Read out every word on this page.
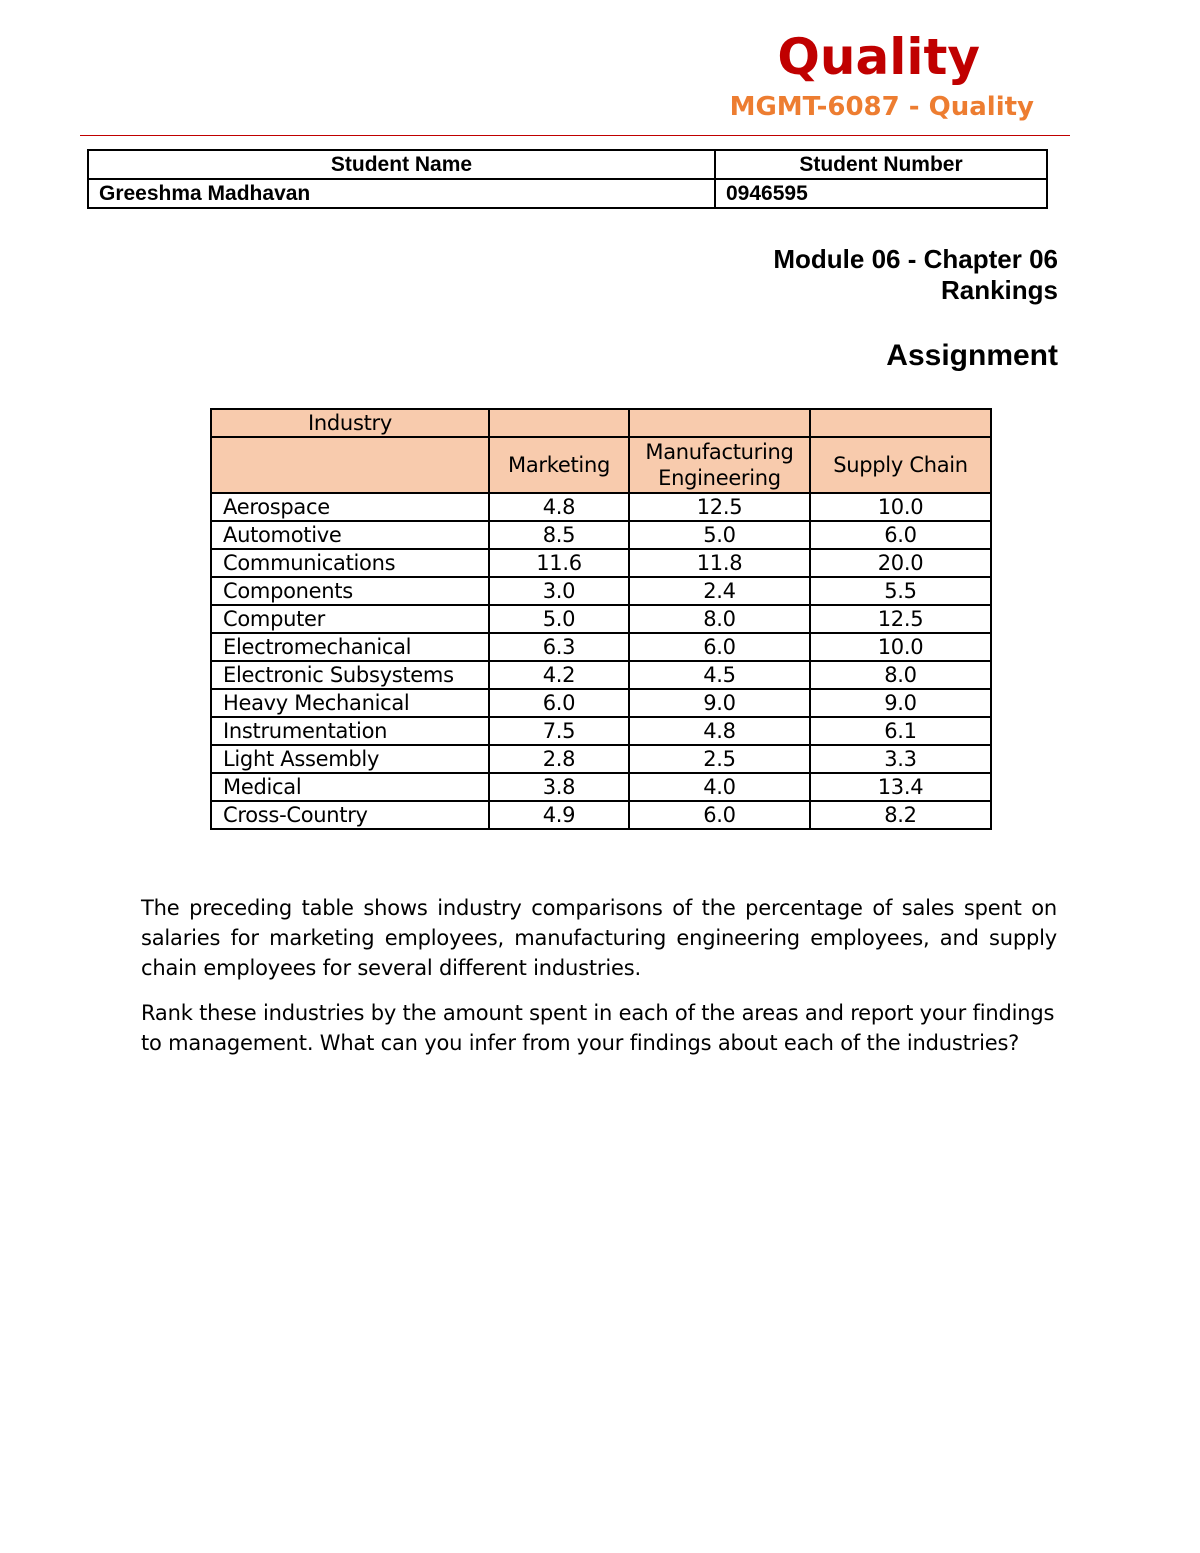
Quality
MGMT-6087 - Quality
Student Name	Student Number
Greeshma Madhavan	0946595
Module 06 - Chapter 06
Rankings
Assignment
Industry			
	Marketing	Manufacturing Engineering	Supply Chain
Aerospace	4.8	12.5	10.0
Automotive	8.5	5.0	6.0
Communications	11.6	11.8	20.0
Components	3.0	2.4	5.5
Computer	5.0	8.0	12.5
Electromechanical	6.3	6.0	10.0
Electronic Subsystems	4.2	4.5	8.0
Heavy Mechanical	6.0	9.0	9.0
Instrumentation	7.5	4.8	6.1
Light Assembly	2.8	2.5	3.3
Medical	3.8	4.0	13.4
Cross-Country	4.9	6.0	8.2

The preceding table shows industry comparisons of the percentage of sales spent on salaries for marketing employees, manufacturing engineering employees, and supply chain employees for several different industries.

Rank these industries by the amount spent in each of the areas and report your findings to management. What can you infer from your findings about each of the industries?
